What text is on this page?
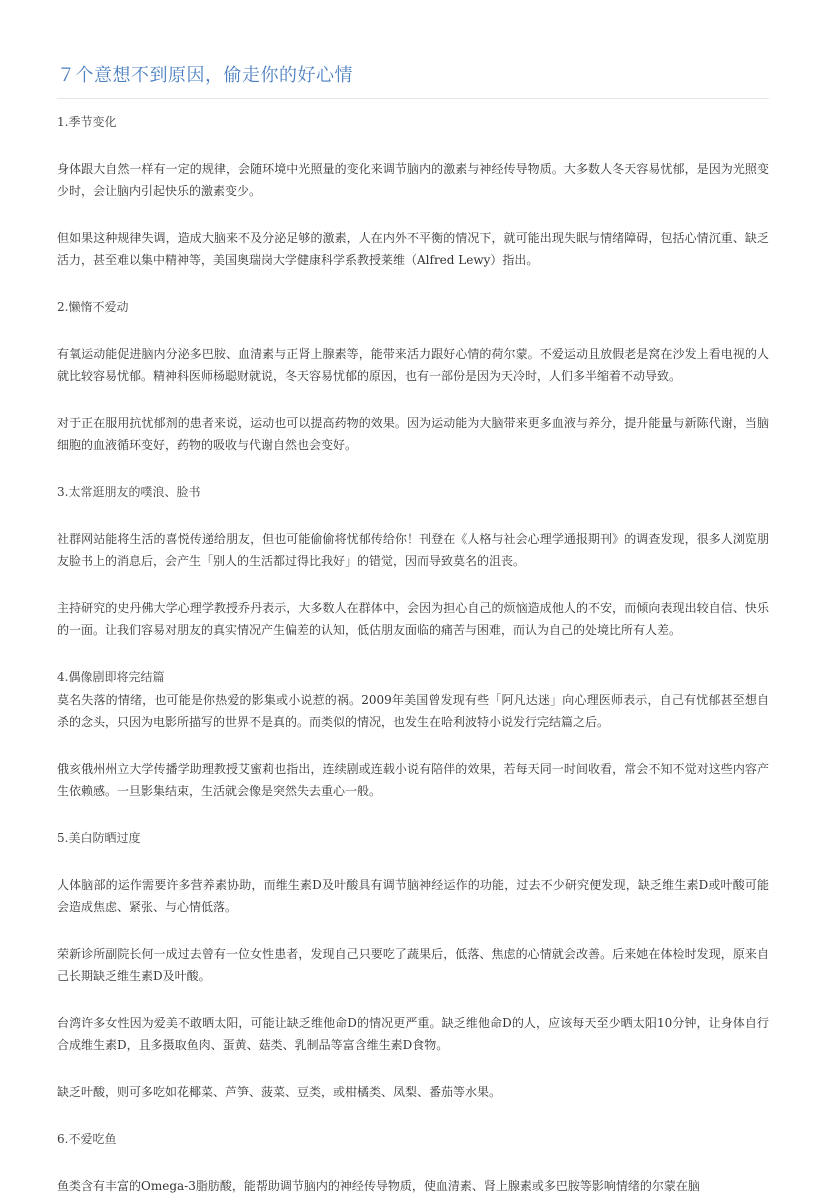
７个意想不到原因，偷走你的好心情

1.季节变化

身体跟大自然一样有一定的规律，会随环境中光照量的变化来调节脑内的激素与神经传导物质。大多数人冬天容易忧郁，是因为光照变少时，会让脑内引起快乐的激素变少。

但如果这种规律失调，造成大脑来不及分泌足够的激素，人在内外不平衡的情况下，就可能出现失眠与情绪障碍，包括心情沉重、缺乏活力，甚至难以集中精神等，美国奥瑞岗大学健康科学系教授莱维（Alfred Lewy）指出。

2.懒惰不爱动

有氧运动能促进脑内分泌多巴胺、血清素与正肾上腺素等，能带来活力跟好心情的荷尔蒙。不爱运动且放假老是窝在沙发上看电视的人就比较容易忧郁。精神科医师杨聪财就说，冬天容易忧郁的原因，也有一部份是因为天冷时，人们多半缩着不动导致。

对于正在服用抗忧郁剂的患者来说，运动也可以提高药物的效果。因为运动能为大脑带来更多血液与养分，提升能量与新陈代谢，当脑细胞的血液循环变好，药物的吸收与代谢自然也会变好。

3.太常逛朋友的噗浪、脸书

社群网站能将生活的喜悦传递给朋友，但也可能偷偷将忧郁传给你！刊登在《人格与社会心理学通报期刊》的调查发现，很多人浏览朋友脸书上的消息后，会产生「别人的生活都过得比我好」的错觉，因而导致莫名的沮丧。

主持研究的史丹佛大学心理学教授乔丹表示，大多数人在群体中，会因为担心自己的烦恼造成他人的不安，而倾向表现出较自信、快乐的一面。让我们容易对朋友的真实情况产生偏差的认知，低估朋友面临的痛苦与困难，而认为自己的处境比所有人差。

4.偶像剧即将完结篇

莫名失落的情绪，也可能是你热爱的影集或小说惹的祸。2009年美国曾发现有些「阿凡达迷」向心理医师表示，自己有忧郁甚至想自杀的念头，只因为电影所描写的世界不是真的。而类似的情况，也发生在哈利波特小说发行完结篇之后。

俄亥俄州州立大学传播学助理教授艾蜜莉也指出，连续剧或连载小说有陪伴的效果，若每天同一时间收看，常会不知不觉对这些内容产生依赖感。一旦影集结束，生活就会像是突然失去重心一般。

5.美白防晒过度

人体脑部的运作需要许多营养素协助，而维生素D及叶酸具有调节脑神经运作的功能，过去不少研究便发现，缺乏维生素D或叶酸可能会造成焦虑、紧张、与心情低落。

荣新诊所副院长何一成过去曾有一位女性患者，发现自己只要吃了蔬果后，低落、焦虑的心情就会改善。后来她在体检时发现，原来自己长期缺乏维生素D及叶酸。

台湾许多女性因为爱美不敢晒太阳，可能让缺乏维他命D的情况更严重。缺乏维他命D的人，应该每天至少晒太阳10分钟，让身体自行合成维生素D，且多摄取鱼肉、蛋黄、菇类、乳制品等富含维生素D食物。

缺乏叶酸，则可多吃如花椰菜、芦笋、菠菜、豆类，或柑橘类、凤梨、番茄等水果。

6.不爱吃鱼

鱼类含有丰富的Omega-3脂肪酸，能帮助调节脑内的神经传导物质，使血清素、肾上腺素或多巴胺等影响情绪的尔蒙在脑
